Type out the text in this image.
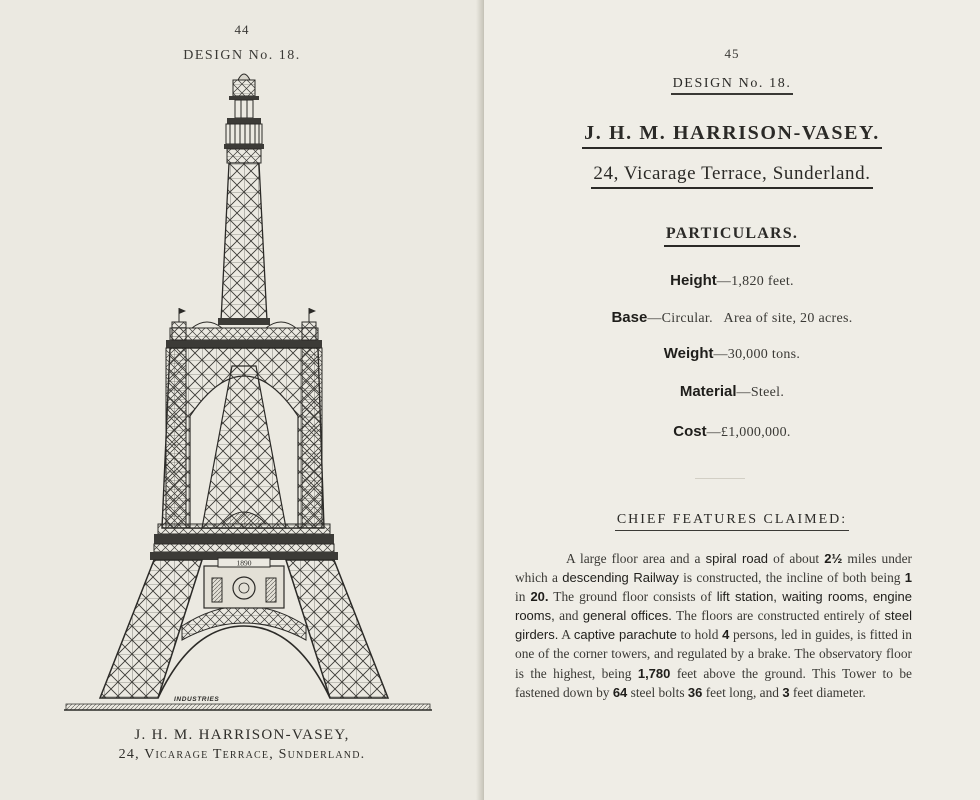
44
DESIGN No. 18.
1890
INDUSTRIES
J. H. M. HARRISON-VASEY,
24, Vicarage Terrace, Sunderland.
45
DESIGN No. 18.
J. H. M. HARRISON-VASEY.
24, Vicarage Terrace, Sunderland.
PARTICULARS.
Height—1,820 feet.
Base—Circular.   Area of site, 20 acres.
Weight—30,000 tons.
Material—Steel.
Cost—£1,000,000.
CHIEF FEATURES CLAIMED:

A large floor area and a spiral road of about 2½ miles under which a descending Railway is constructed, the incline of both being 1 in 20. The ground floor consists of lift station, waiting rooms, engine rooms, and general offices. The floors are constructed entirely of steel girders. A captive parachute to hold 4 persons, led in guides, is fitted in one of the corner towers, and regulated by a brake. The observatory floor is the highest, being 1,780 feet above the ground. This Tower to be fastened down by 64 steel bolts 36 feet long, and 3 feet diameter.
